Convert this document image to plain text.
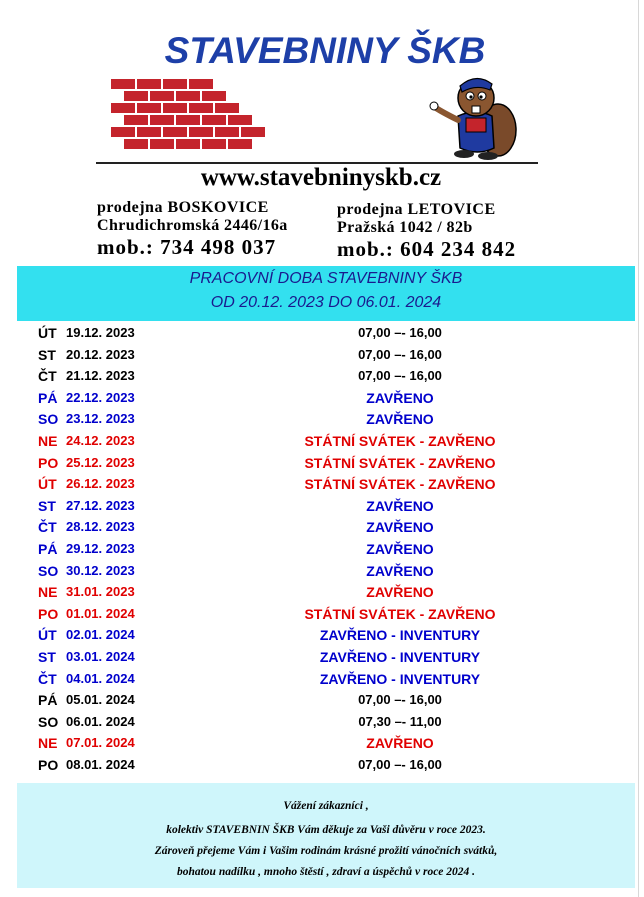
STAVEBNINY ŠKB
www.stavebninyskb.cz
prodejna BOSKOVICE
Chrudichromská 2446/16a
mob.: 734 498 037
prodejna LETOVICE
Pražská 1042 / 82b
mob.: 604 234 842
PRACOVNÍ DOBA STAVEBNINY ŠKB
OD 20.12. 2023 DO 06.01. 2024
ÚT 19.12. 2023	07,00 –- 16,00
ST 20.12. 2023	07,00 –- 16,00
ČT 21.12. 2023	07,00 –- 16,00
PÁ 22.12. 2023	ZAVŘENO
SO 23.12. 2023	ZAVŘENO
NE 24.12. 2023	STÁTNÍ SVÁTEK - ZAVŘENO
PO 25.12. 2023	STÁTNÍ SVÁTEK - ZAVŘENO
ÚT 26.12. 2023	STÁTNÍ SVÁTEK - ZAVŘENO
ST 27.12. 2023	ZAVŘENO
ČT 28.12. 2023	ZAVŘENO
PÁ 29.12. 2023	ZAVŘENO
SO 30.12. 2023	ZAVŘENO
NE 31.01. 2023	ZAVŘENO
PO 01.01. 2024	STÁTNÍ SVÁTEK - ZAVŘENO
ÚT 02.01. 2024	ZAVŘENO - INVENTURY
ST 03.01. 2024	ZAVŘENO - INVENTURY
ČT 04.01. 2024	ZAVŘENO - INVENTURY
PÁ 05.01. 2024	07,00 –- 16,00
SO 06.01. 2024	07,30 –- 11,00
NE 07.01. 2024	ZAVŘENO
PO 08.01. 2024	07,00 –- 16,00
Vážení zákazníci ,
kolektiv STAVEBNIN ŠKB Vám děkuje za Vaši důvěru v roce 2023.
Zároveň přejeme Vám i Vašim rodinám krásné prožití vánočních svátků,
bohatou nadílku , mnoho štěstí , zdraví a úspěchů v roce 2024 .
